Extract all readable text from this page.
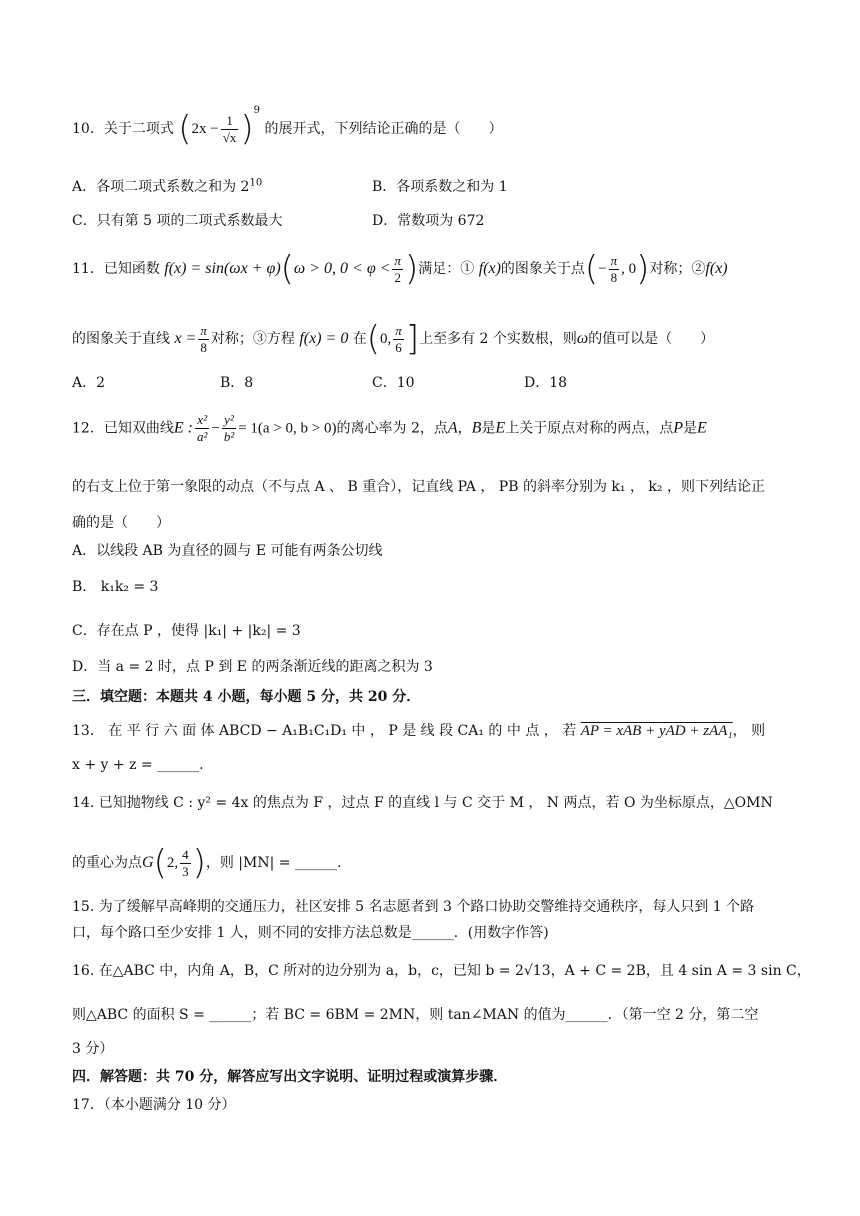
10．关于二项式 $(2x - \frac{1}{√x} )^9$ 的展开式，下列结论正确的是（　　）
A．各项二项式系数之和为 $2^{10}$	B．各项系数之和为 1
C．只有第 5 项的二项式系数最大	D．常数项为 672
11．已知函数 f(x) = sin(ωx + φ)(ω > 0, $0 < \varphi < \frac{\pi}{2}$ )满足：① f(x)的图象关于点(− $\frac{\pi}{8}$ , 0)对称；②f(x)
的图象关于直线 $x = \frac{\pi}{8}$ 对称；③方程 f(x) = 0 在(0, $\frac{\pi}{6}$ ]上至多有 2 个实数根，则ω的值可以是（　　）
A．2	B．8	C．10	D．18
12．已知双曲线E : $\frac{\text{x²}}{\text{a²}} - \frac{\text{y²}}{\text{b²}} = 1(a > 0$, b > 0)的离心率为 2，点A，B是E上关于原点对称的两点，点P是E
的右支上位于第一象限的动点（不与点 A 、 B 重合），记直线 PA ， PB 的斜率分别为 k₁ ， k₂ ，则下列结论正
确的是（　　）
A．以线段 AB 为直径的圆与 E 可能有两条公切线
B． k₁k₂ = 3
C．存在点 P ，使得 |k₁| + |k₂| = 3
D．当 a = 2 时，点 P 到 E 的两条渐近线的距离之积为 3
三．填空题：本题共 4 小题，每小题 5 分，共 20 分．
13． 在 平 行 六 面 体 ABCD − A₁B₁C₁D₁ 中 ， P 是 线 段 CA₁ 的 中 点 ， 若 AP = xAB + yAD + zAA₁， 则
x + y + z = ______.
14. 已知抛物线 C : y² = 4x 的焦点为 F ，过点 F 的直线 l 与 C 交于 M ， N 两点，若 O 为坐标原点，△OMN
的重心为点G(2, $\frac{4}{3}$ )，则 |MN| = ______.
15. 为了缓解早高峰期的交通压力，社区安排 5 名志愿者到 3 个路口协助交警维持交通秩序，每人只到 1 个路
口，每个路口至少安排 1 人，则不同的安排方法总数是______．(用数字作答)
16. 在△ABC 中，内角 A，B，C 所对的边分别为 a，b，c，已知 b = 2√13，A + C = 2B，且 4 sin A = 3 sin C，
则△ABC 的面积 S = ______；若 BC = 6BM = 2MN，则 tan∠MAN 的值为______．（第一空 2 分，第二空
3 分）
四．解答题：共 70 分，解答应写出文字说明、证明过程或演算步骤．
17．（本小题满分 10 分）
